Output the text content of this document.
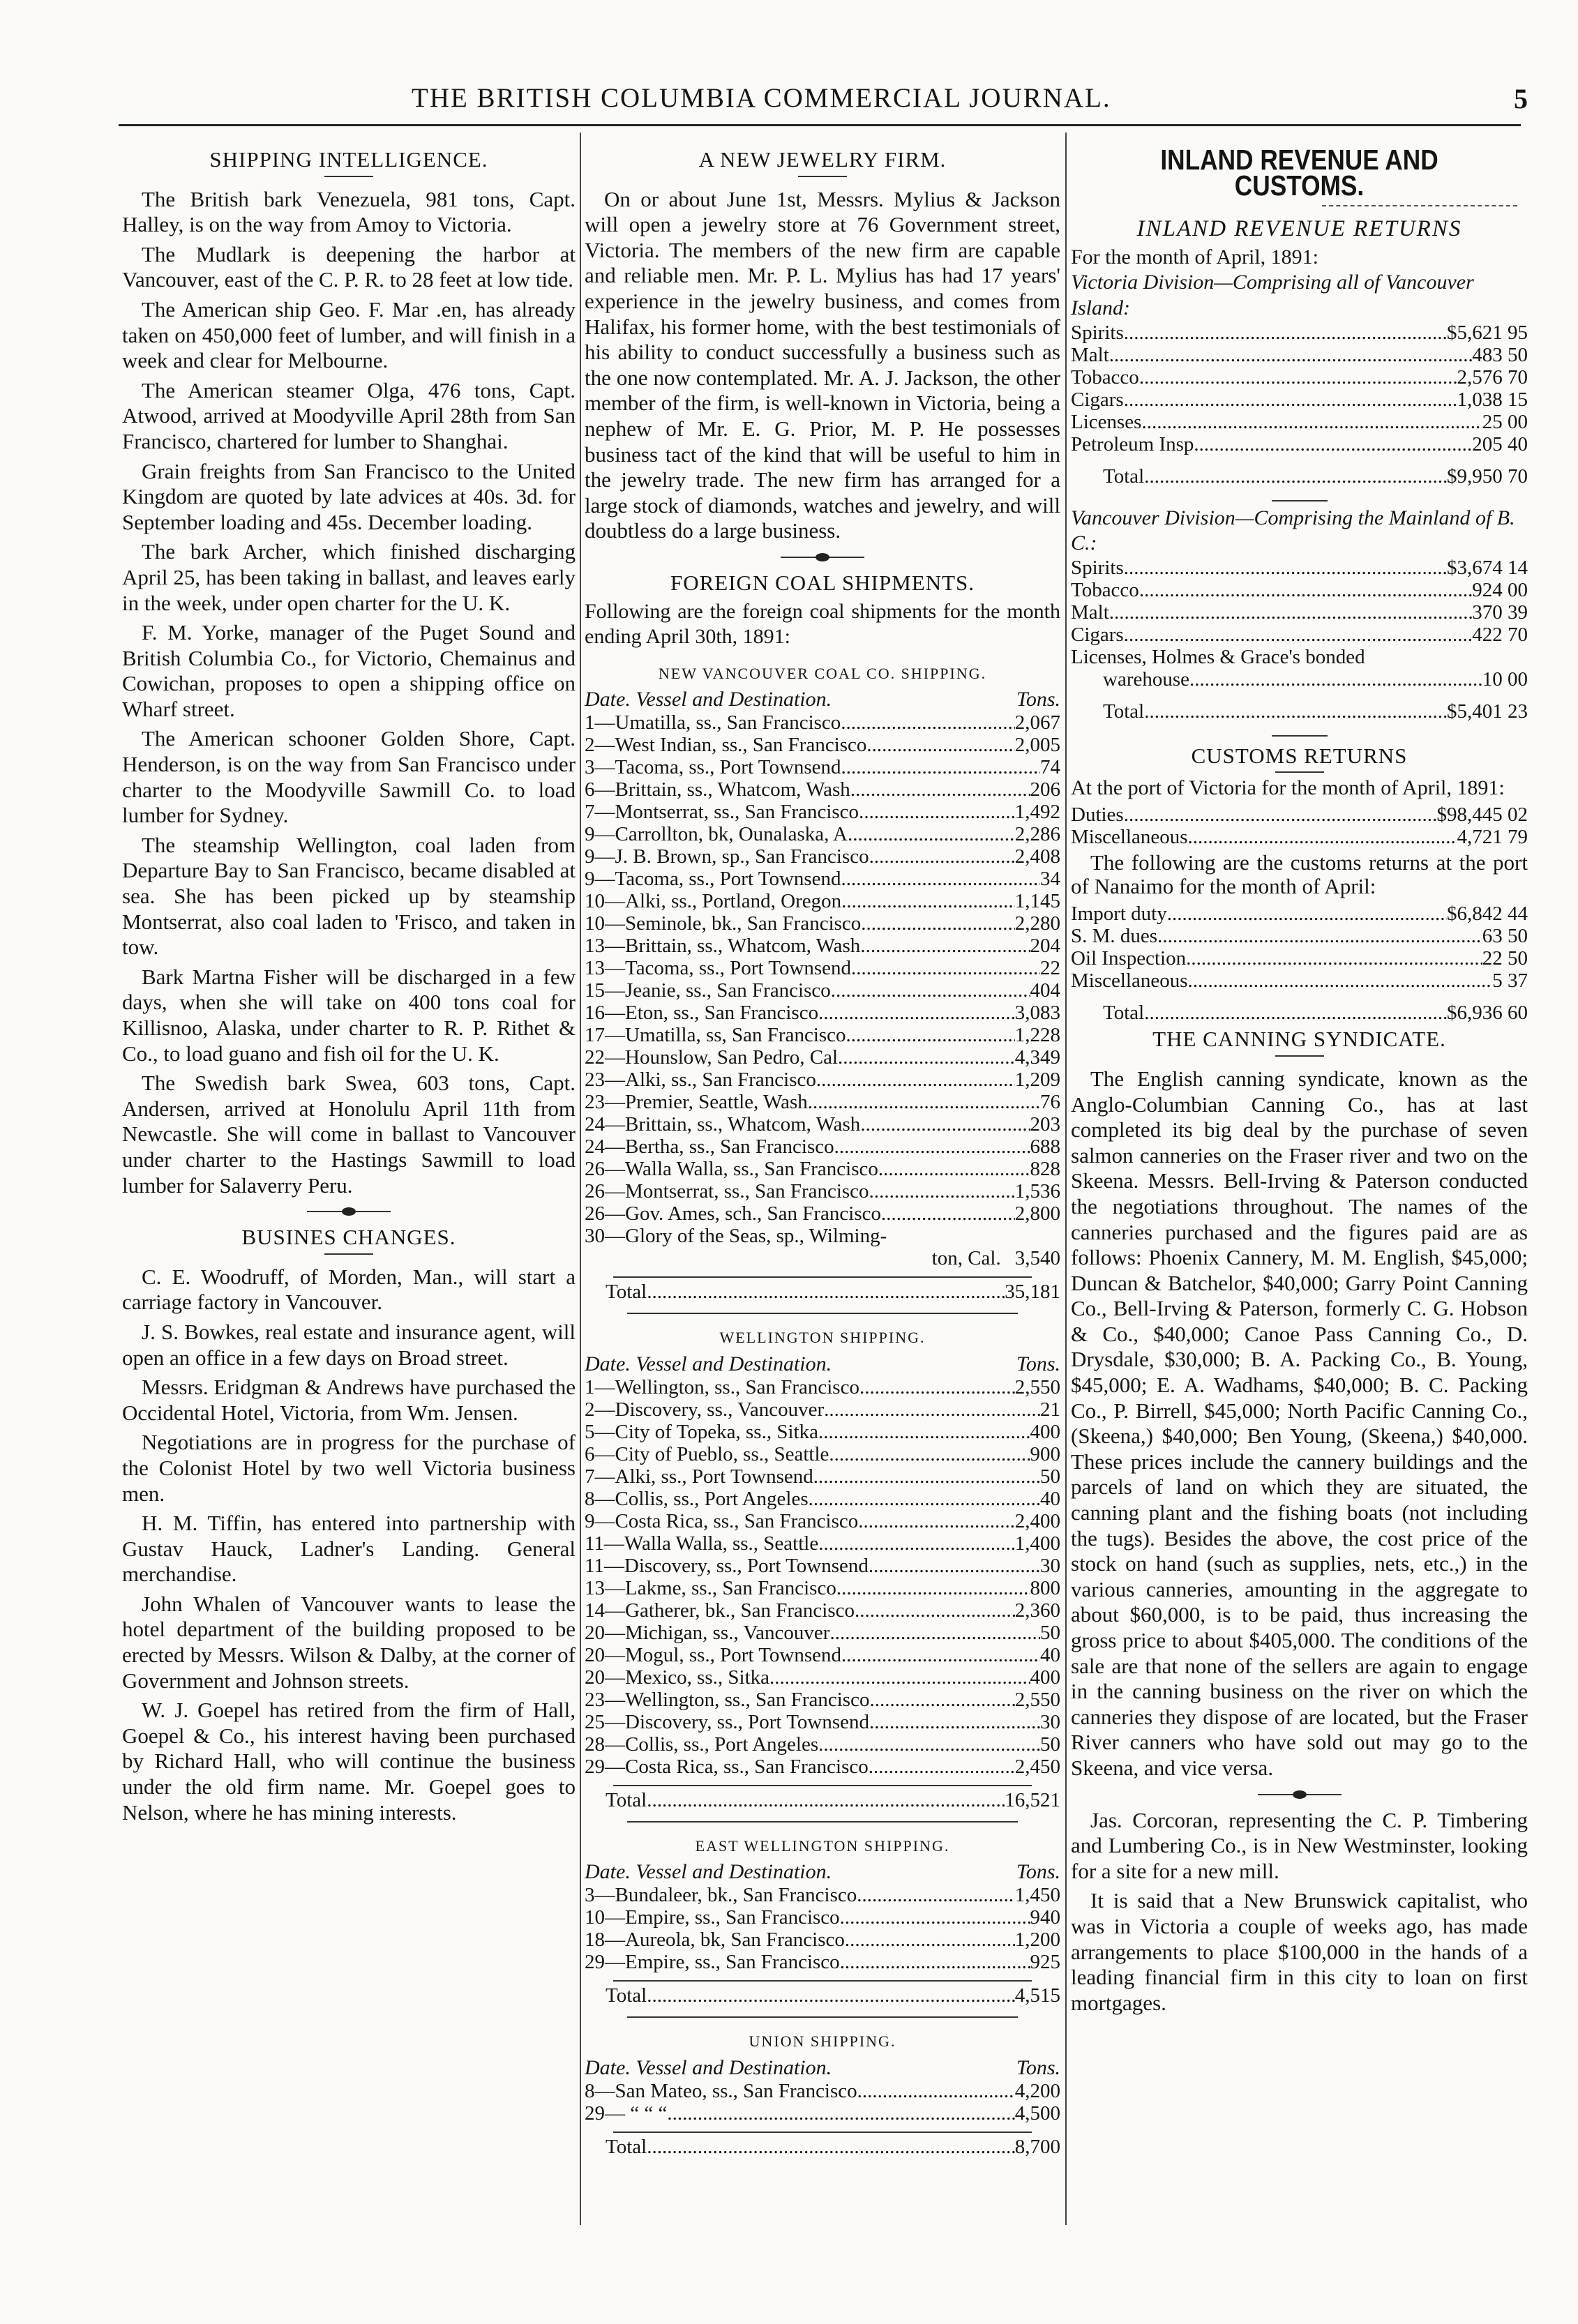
THE BRITISH COLUMBIA COMMERCIAL JOURNAL.	5
SHIPPING INTELLIGENCE.

The British bark Venezuela, 981 tons, Capt. Halley, is on the way from Amoy to Victoria.

The Mudlark is deepening the harbor at Vancouver, east of the C. P. R. to 28 feet at low tide.

The American ship Geo. F. Mar .en, has already taken on 450,000 feet of lumber, and will finish in a week and clear for Melbourne.

The American steamer Olga, 476 tons, Capt. Atwood, arrived at Moodyville April 28th from San Francisco, chartered for lumber to Shanghai.

Grain freights from San Francisco to the United Kingdom are quoted by late advices at 40s. 3d. for September loading and 45s. December loading.

The bark Archer, which finished discharging April 25, has been taking in ballast, and leaves early in the week, under open charter for the U. K.

F. M. Yorke, manager of the Puget Sound and British Columbia Co., for Victorio, Chemainus and Cowichan, proposes to open a shipping office on Wharf street.

The American schooner Golden Shore, Capt. Henderson, is on the way from San Francisco under charter to the Moodyville Sawmill Co. to load lumber for Sydney.

The steamship Wellington, coal laden from Departure Bay to San Francisco, became disabled at sea. She has been picked up by steamship Montserrat, also coal laden to 'Frisco, and taken in tow.

Bark Martna Fisher will be discharged in a few days, when she will take on 400 tons coal for Killisnoo, Alaska, under charter to R. P. Rithet & Co., to load guano and fish oil for the U. K.

The Swedish bark Swea, 603 tons, Capt. Andersen, arrived at Honolulu April 11th from Newcastle. She will come in ballast to Vancouver under charter to the Hastings Sawmill to load lumber for Salaverry Peru.

BUSINES CHANGES.

C. E. Woodruff, of Morden, Man., will start a carriage factory in Vancouver.

J. S. Bowkes, real estate and insurance agent, will open an office in a few days on Broad street.

Messrs. Eridgman & Andrews have purchased the Occidental Hotel, Victoria, from Wm. Jensen.

Negotiations are in progress for the purchase of the Colonist Hotel by two well Victoria business men.

H. M. Tiffin, has entered into partnership with Gustav Hauck, Ladner's Landing. General merchandise.

John Whalen of Vancouver wants to lease the hotel department of the building proposed to be erected by Messrs. Wilson & Dalby, at the corner of Government and Johnson streets.

W. J. Goepel has retired from the firm of Hall, Goepel & Co., his interest having been purchased by Richard Hall, who will continue the business under the old firm name. Mr. Goepel goes to Nelson, where he has mining interests.

A NEW JEWELRY FIRM.

On or about June 1st, Messrs. Mylius & Jackson will open a jewelry store at 76 Government street, Victoria. The members of the new firm are capable and reliable men. Mr. P. L. Mylius has had 17 years' experience in the jewelry business, and comes from Halifax, his former home, with the best testimonials of his ability to conduct successfully a business such as the one now contemplated. Mr. A. J. Jackson, the other member of the firm, is well-known in Victoria, being a nephew of Mr. E. G. Prior, M. P. He possesses business tact of the kind that will be useful to him in the jewelry trade. The new firm has arranged for a large stock of diamonds, watches and jewelry, and will doubtless do a large business.

FOREIGN COAL SHIPMENTS.

Following are the foreign coal shipments for the month ending April 30th, 1891:

NEW VANCOUVER COAL CO. SHIPPING.
Date. Vessel and Destination.	Tons.
1—Umatilla, ss., San Francisco .....	2,067
2—West Indian, ss., San Francisco .....	2,005
3—Tacoma, ss., Port Townsend .....	74
6—Brittain, ss., Whatcom, Wash. .....	206
7—Montserrat, ss., San Francisco .....	1,492
9—Carrollton, bk, Ounalaska, A .....	2,286
9—J. B. Brown, sp., San Francisco .....	2,408
9—Tacoma, ss., Port Townsend .....	34
10—Alki, ss., Portland, Oregon .....	1,145
10—Seminole, bk., San Francisco .....	2,280
13—Brittain, ss., Whatcom, Wash .....	204
13—Tacoma, ss., Port Townsend .....	22
15—Jeanie, ss., San Francisco .....	404
16—Eton, ss., San Francisco .....	3,083
17—Umatilla, ss, San Francisco .....	1,228
22—Hounslow, San Pedro, Cal .....	4,349
23—Alki, ss., San Francisco .....	1,209
23—Premier, Seattle, Wash .....	76
24—Brittain, ss., Whatcom, Wash .....	203
24—Bertha, ss., San Francisco .....	688
26—Walla Walla, ss., San Francisco .....	828
26—Montserrat, ss., San Francisco .....	1,536
26—Gov. Ames, sch., San Francisco .....	2,800
30—Glory of the Seas, sp., Wilming-
ton, Cal. 3,540
Total .....	35,181
WELLINGTON SHIPPING.
Date. Vessel and Destination.	Tons.
1—Wellington, ss., San Francisco .....	2,550
2—Discovery, ss., Vancouver .....	21
5—City of Topeka, ss., Sitka .....	400
6—City of Pueblo, ss., Seattle .....	900
7—Alki, ss., Port Townsend .....	50
8—Collis, ss., Port Angeles .....	40
9—Costa Rica, ss., San Francisco .....	2,400
11—Walla Walla, ss., Seattle .....	1,400
11—Discovery, ss., Port Townsend .....	30
13—Lakme, ss., San Francisco .....	800
14—Gatherer, bk., San Francisco .....	2,360
20—Michigan, ss., Vancouver .....	50
20—Mogul, ss., Port Townsend .....	40
20—Mexico, ss., Sitka .....	400
23—Wellington, ss., San Francisco .....	2,550
25—Discovery, ss., Port Townsend .....	30
28—Collis, ss., Port Angeles .....	50
29—Costa Rica, ss., San Francisco .....	2,450
Total .....	16,521
EAST WELLINGTON SHIPPING.
Date. Vessel and Destination.	Tons.
3—Bundaleer, bk., San Francisco .....	1,450
10—Empire, ss., San Francisco .....	940
18—Aureola, bk, San Francisco .....	1,200
29—Empire, ss., San Francisco .....	925
Total .....	4,515
UNION SHIPPING.
Date. Vessel and Destination.	Tons.
8—San Mateo, ss., San Francisco .....	4,200
29— “ “ “ .....	4,500
Total .....	8,700
INLAND REVENUE AND CUSTOMS.
INLAND REVENUE RETURNS
For the month of April, 1891:
Victoria Division—Comprising all of Vancouver Island:
Spirits .....	$5,621 95
Malt .....	483 50
Tobacco .....	2,576 70
Cigars .....	1,038 15
Licenses .....	25 00
Petroleum Insp .....	205 40
Total .....	$9,950 70
Vancouver Division—Comprising the Mainland of B. C.:
Spirits .....	$3,674 14
Tobacco .....	924 00
Malt .....	370 39
Cigars .....	422 70
Licenses, Holmes & Grace's bonded
warehouse .....	10 00
Total .....	$5,401 23
CUSTOMS RETURNS

At the port of Victoria for the month of April, 1891:

Duties .....	$98,445 02
Miscellaneous .....	4,721 79

The following are the customs returns at the port of Nanaimo for the month of April:

Import duty .....	$6,842 44
S. M. dues .....	63 50
Oil Inspection .....	22 50
Miscellaneous .....	5 37
Total .....	$6,936 60
THE CANNING SYNDICATE.

The English canning syndicate, known as the Anglo-Columbian Canning Co., has at last completed its big deal by the purchase of seven salmon canneries on the Fraser river and two on the Skeena. Messrs. Bell-Irving & Paterson conducted the negotiations throughout. The names of the canneries purchased and the figures paid are as follows: Phoenix Cannery, M. M. English, $45,000; Duncan & Batchelor, $40,000; Garry Point Canning Co., Bell-Irving & Paterson, formerly C. G. Hobson & Co., $40,000; Canoe Pass Canning Co., D. Drysdale, $30,000; B. A. Packing Co., B. Young, $45,000; E. A. Wadhams, $40,000; B. C. Packing Co., P. Birrell, $45,000; North Pacific Canning Co., (Skeena,) $40,000; Ben Young, (Skeena,) $40,000. These prices include the cannery buildings and the parcels of land on which they are situated, the canning plant and the fishing boats (not including the tugs). Besides the above, the cost price of the stock on hand (such as supplies, nets, etc.,) in the various canneries, amounting in the aggregate to about $60,000, is to be paid, thus increasing the gross price to about $405,000. The conditions of the sale are that none of the sellers are again to engage in the canning business on the river on which the canneries they dispose of are located, but the Fraser River canners who have sold out may go to the Skeena, and vice versa.

Jas. Corcoran, representing the C. P. Timbering and Lumbering Co., is in New Westminster, looking for a site for a new mill.

It is said that a New Brunswick capitalist, who was in Victoria a couple of weeks ago, has made arrangements to place $100,000 in the hands of a leading financial firm in this city to loan on first mortgages.
